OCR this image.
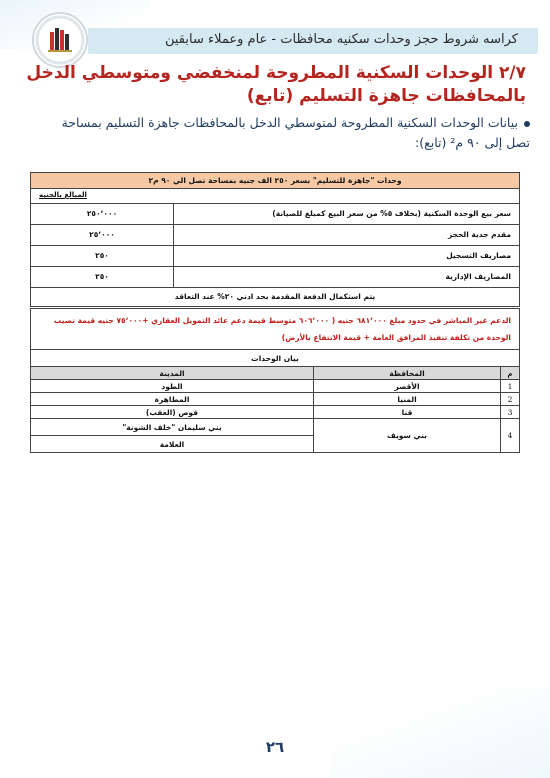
كراسه شروط حجز وحدات سكنيه محافظات - عام وعملاء سابقين
٢/٧ الوحدات السكنية المطروحة لمنخفضي ومتوسطي الدخل بالمحافظات جاهزة التسليم (تابع)
بيانات الوحدات السكنية المطروحة لمتوسطي الدخل بالمحافظات جاهزة التسليم بمساحة تصل إلى ٩٠ م² (تابع):
وحدات "جاهزة للتسليم" بسعر ٢٥٠ الف جنيه بمساحة تصل الي ٩٠ م٢
المبالغ بالجنيه
سعر بيع الوحدة السكنية (بخلاف ٥% من سعر البيع كمبلغ للصيانة)
٢٥٠٬٠٠٠
مقدم جدية الحجز
٢٥٬٠٠٠
مصاريف التسجيل
٢٥٠
المصاريف الإدارية
٢٥٠
يتم استكمال الدفعة المقدمة بحد ادني ٢٠% عند التعاقد
الدعم غير المباشر في حدود مبلغ ٦٨١٬٠٠٠ جنيه ( ٦٠٦٬٠٠٠ متوسط قيمة دعم عائد التمويل العقاري +٧٥٬٠٠٠ جنيه قيمة نصيب الوحدة من تكلفة تنفيذ المرافق العامة + قيمة الانتفاع بالأرض)
بيان الوحدات
م	المحافظة	المدينة
1	الأقصر	الطود
2	المنيا	المطاهرة
3	قنا	قوص (العقب)
4	بني سويف	بني سليمان "خلف الشونة"
		العلامة
٢٦
